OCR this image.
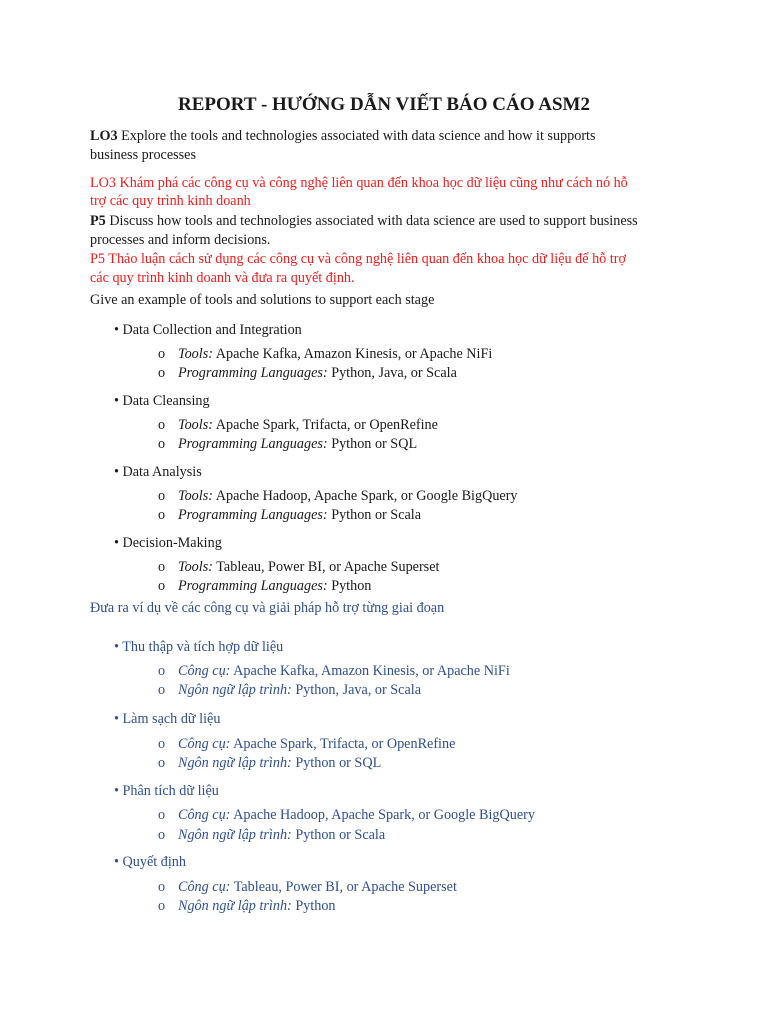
REPORT - HƯỚNG DẪN VIẾT BÁO CÁO ASM2
LO3 Explore the tools and technologies associated with data science and how it supports
business processes
LO3 Khám phá các công cụ và công nghệ liên quan đến khoa học dữ liệu cũng như cách nó hỗ
trợ các quy trình kinh doanh
P5 Discuss how tools and technologies associated with data science are used to support business
processes and inform decisions.
P5 Thảo luận cách sử dụng các công cụ và công nghệ liên quan đến khoa học dữ liệu để hỗ trợ
các quy trình kinh doanh và đưa ra quyết định.
Give an example of tools and solutions to support each stage
• Data Collection and Integration
o Tools: Apache Kafka, Amazon Kinesis, or Apache NiFi
o Programming Languages: Python, Java, or Scala
• Data Cleansing
o Tools: Apache Spark, Trifacta, or OpenRefine
o Programming Languages: Python or SQL
• Data Analysis
o Tools: Apache Hadoop, Apache Spark, or Google BigQuery
o Programming Languages: Python or Scala
• Decision-Making
o Tools: Tableau, Power BI, or Apache Superset
o Programming Languages: Python
Đưa ra ví dụ về các công cụ và giải pháp hỗ trợ từng giai đoạn
• Thu thập và tích hợp dữ liệu
o Công cụ: Apache Kafka, Amazon Kinesis, or Apache NiFi
o Ngôn ngữ lập trình: Python, Java, or Scala
• Làm sạch dữ liệu
o Công cụ: Apache Spark, Trifacta, or OpenRefine
o Ngôn ngữ lập trình: Python or SQL
• Phân tích dữ liệu
o Công cụ: Apache Hadoop, Apache Spark, or Google BigQuery
o Ngôn ngữ lập trình: Python or Scala
• Quyết định
o Công cụ: Tableau, Power BI, or Apache Superset
o Ngôn ngữ lập trình: Python
